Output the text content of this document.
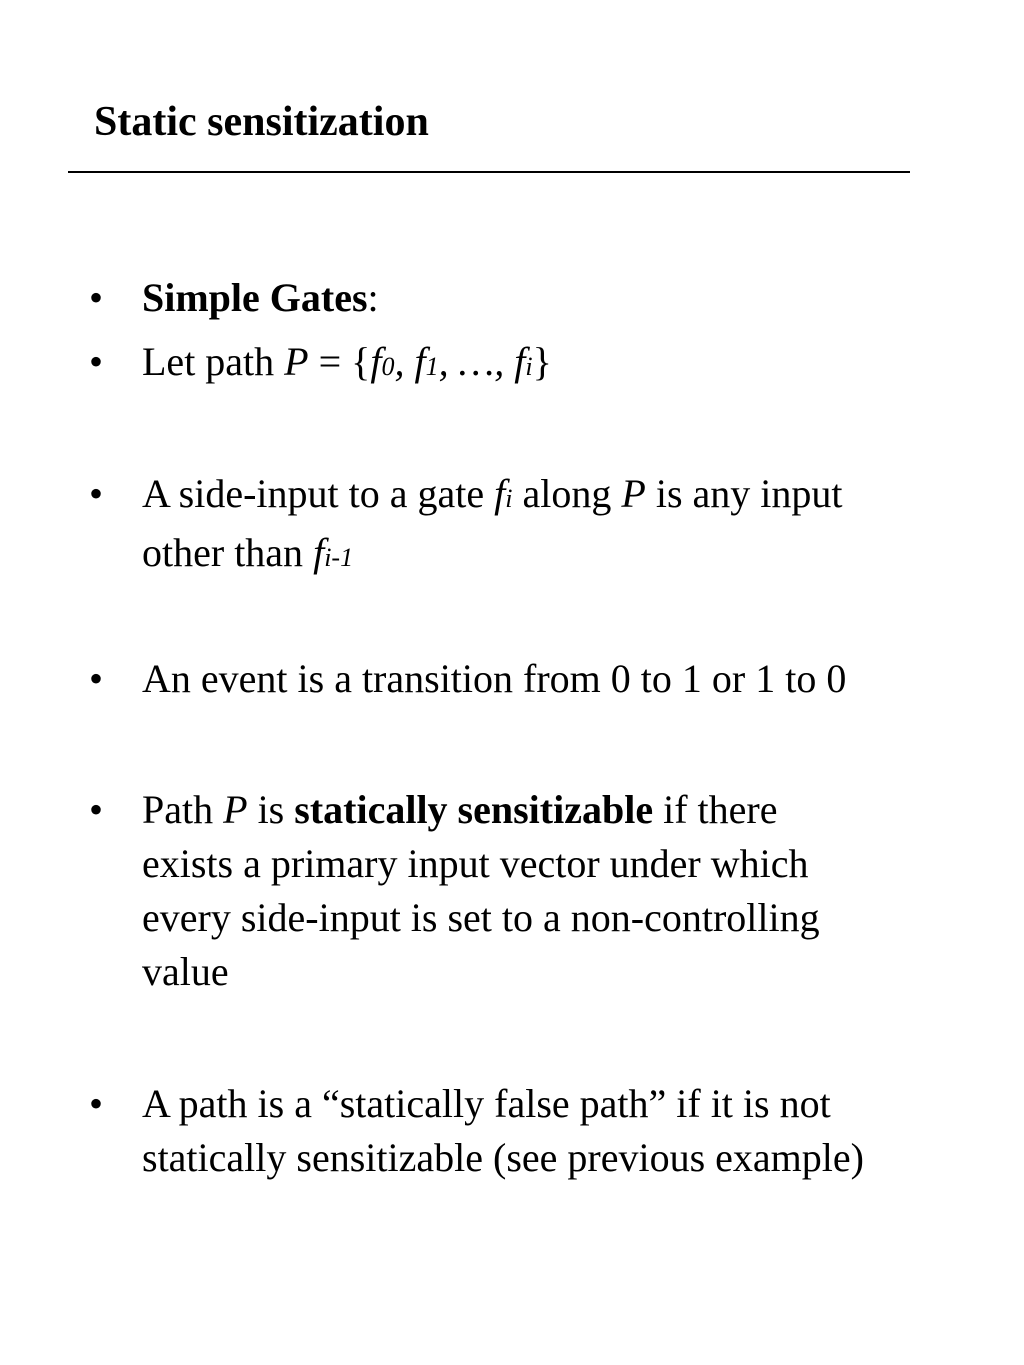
Static sensitization
• Simple Gates:
• Let path P = {f0, f1, …, fi}
• A side-input to a gate fi along P is any input
other than fi-1
• An event is a transition from 0 to 1 or 1 to 0
• Path P is statically sensitizable if there
exists a primary input vector under which
every side-input is set to a non-controlling
value
• A path is a “statically false path” if it is not
statically sensitizable (see previous example)
